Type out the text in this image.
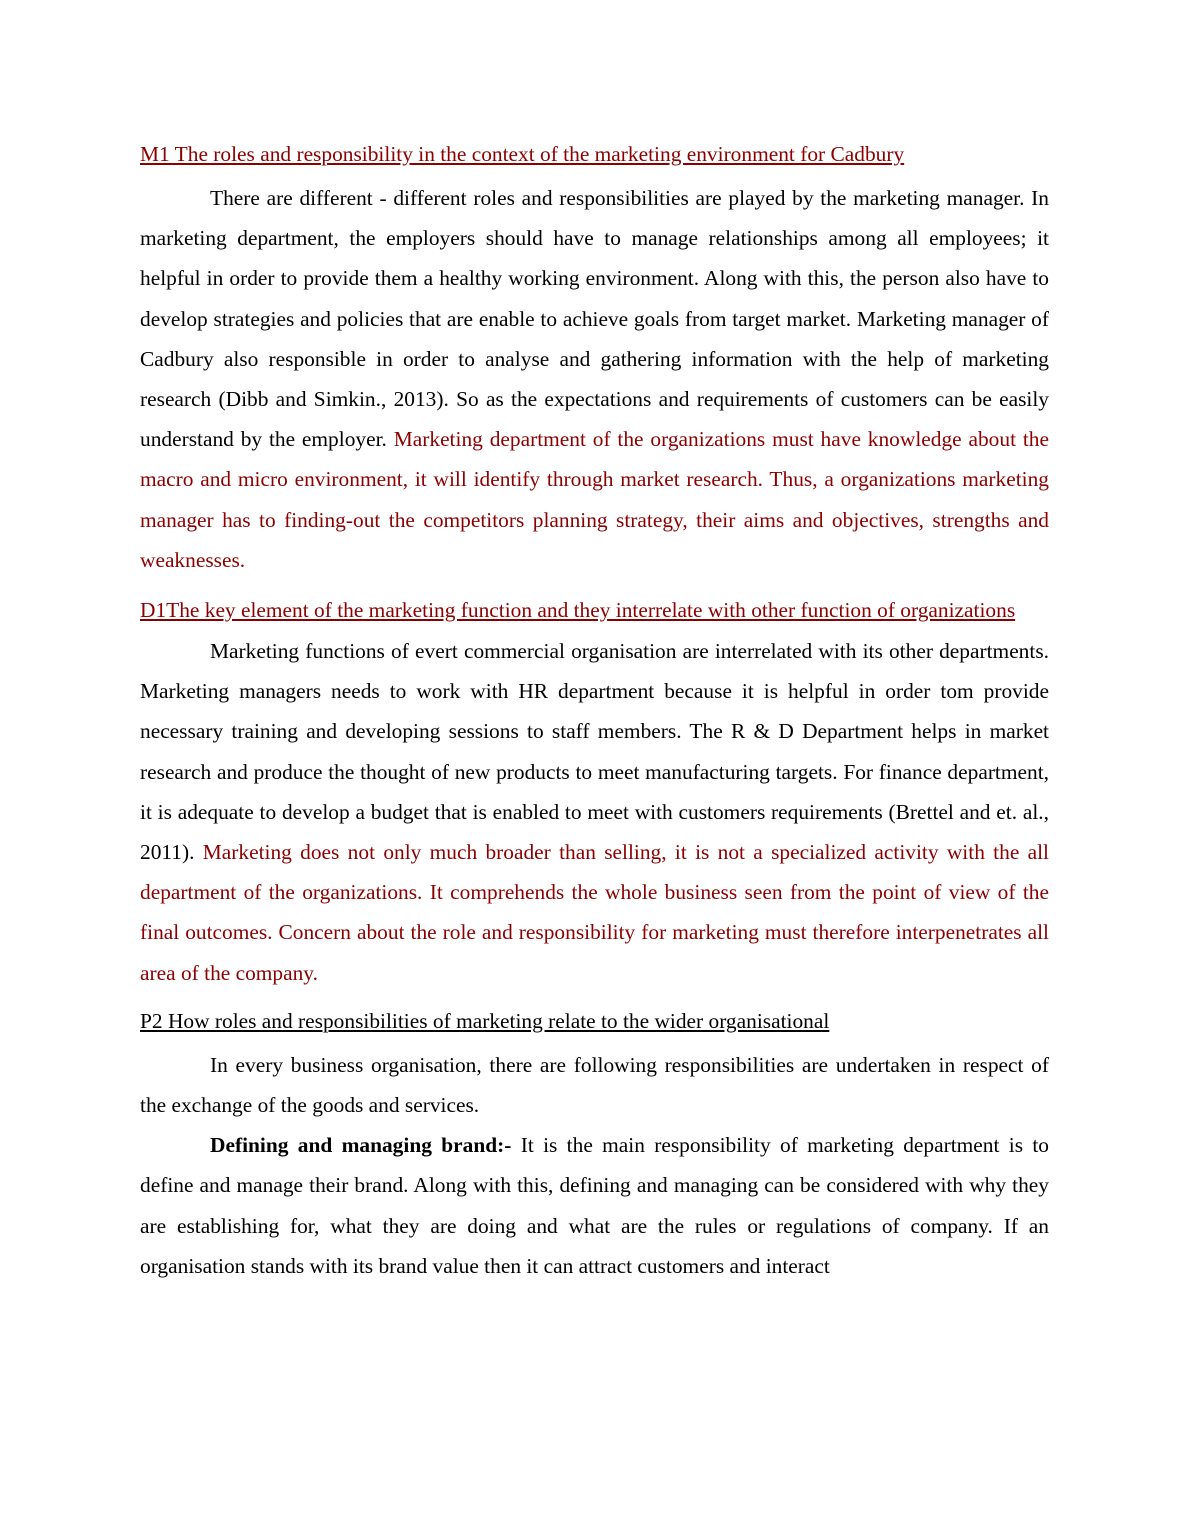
M1 The roles and responsibility in the context of the marketing environment for Cadbury

There are different - different roles and responsibilities are played by the marketing manager. In marketing department, the employers should have to manage relationships among all employees; it helpful in order to provide them a healthy working environment. Along with this, the person also have to develop strategies and policies that are enable to achieve goals from target market. Marketing manager of Cadbury also responsible in order to analyse and gathering information with the help of marketing research (Dibb and Simkin., 2013). So as the expectations and requirements of customers can be easily understand by the employer. Marketing department of the organizations must have knowledge about the macro and micro environment, it will identify through market research. Thus, a organizations marketing manager has to finding-out the competitors planning strategy, their aims and objectives, strengths and weaknesses.

D1The key element of the marketing function and they interrelate with other function of organizations

Marketing functions of evert commercial organisation are interrelated with its other departments. Marketing managers needs to work with HR department because it is helpful in order tom provide necessary training and developing sessions to staff members. The R & D Department helps in market research and produce the thought of new products to meet manufacturing targets. For finance department, it is adequate to develop a budget that is enabled to meet with customers requirements (Brettel and et. al., 2011). Marketing does not only much broader than selling, it is not a specialized activity with the all department of the organizations. It comprehends the whole business seen from the point of view of the final outcomes. Concern about the role and responsibility for marketing must therefore interpenetrates all area of the company.

P2 How roles and responsibilities of marketing relate to the wider organisational

In every business organisation, there are following responsibilities are undertaken in respect of the exchange of the goods and services.

Defining and managing brand:- It is the main responsibility of marketing department is to define and manage their brand. Along with this, defining and managing can be considered with why they are establishing for, what they are doing and what are the rules or regulations of company. If an organisation stands with its brand value then it can attract customers and interact
